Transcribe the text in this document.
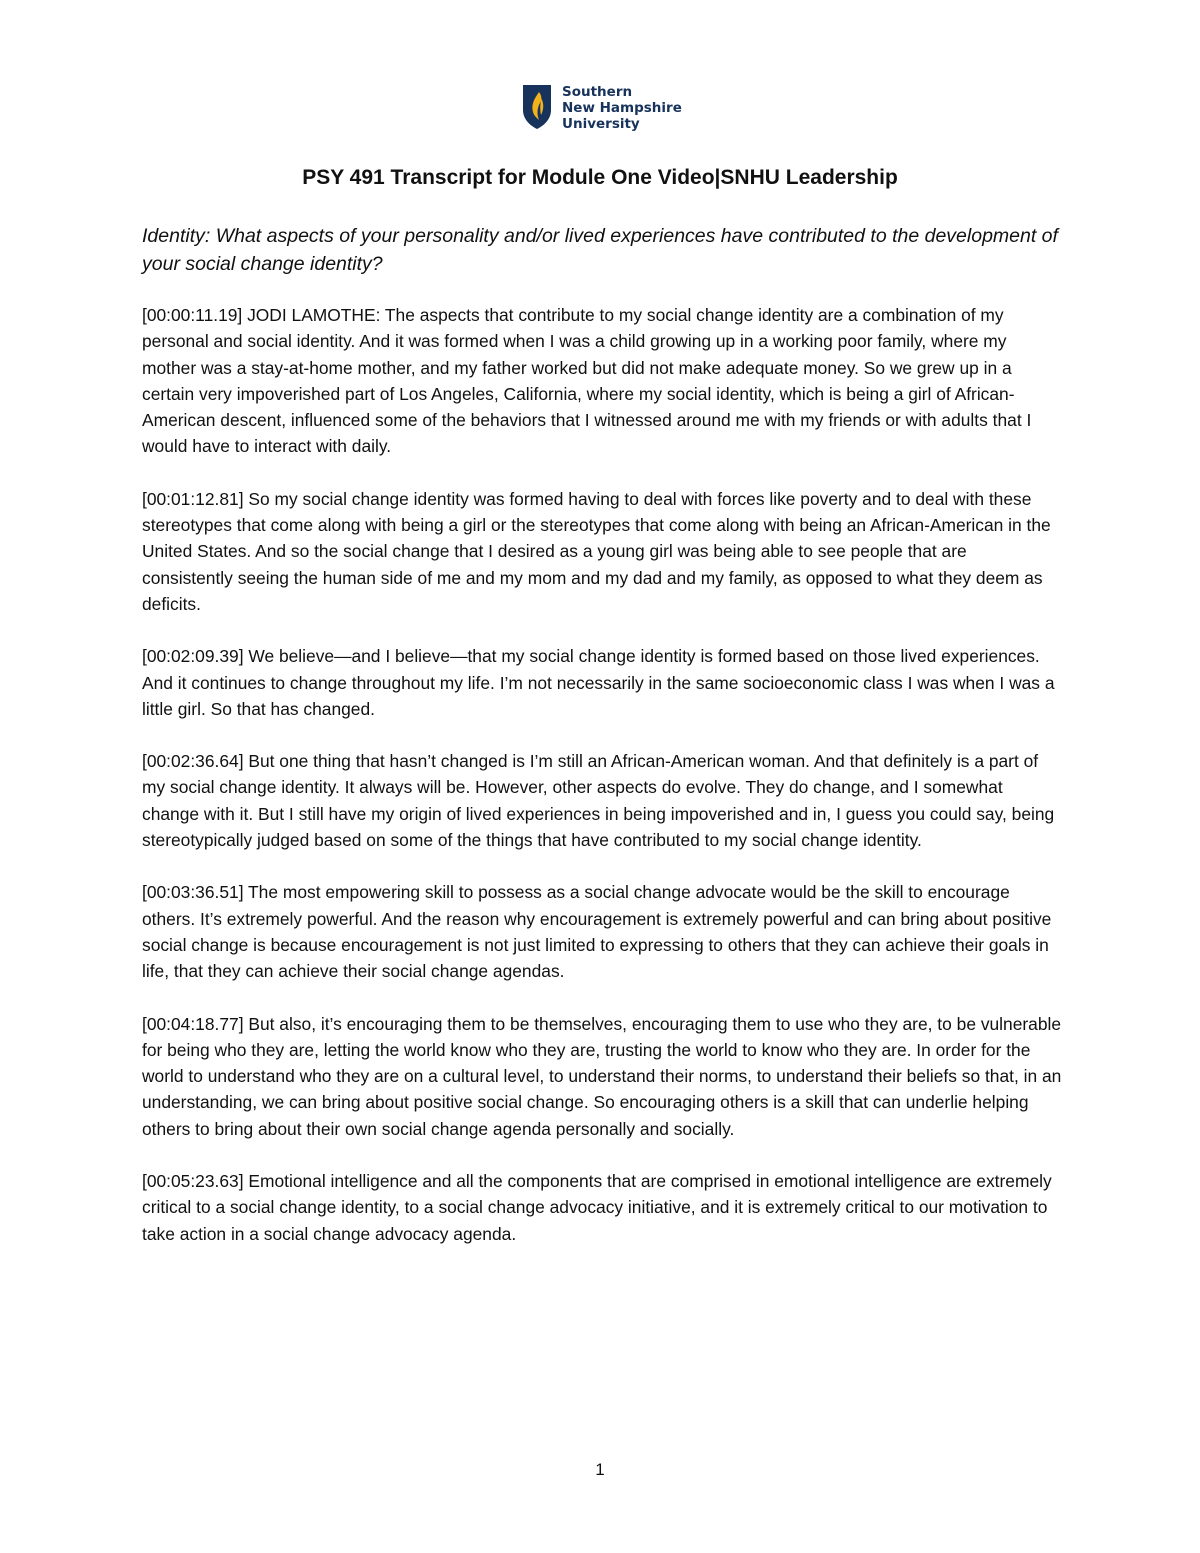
Southern
New Hampshire
University
PSY 491 Transcript for Module One Video|SNHU Leadership

Identity: What aspects of your personality and/or lived experiences have contributed to the development of your social change identity?

[00:00:11.19] JODI LAMOTHE: The aspects that contribute to my social change identity are a combination of my personal and social identity. And it was formed when I was a child growing up in a working poor family, where my mother was a stay-at-home mother, and my father worked but did not make adequate money. So we grew up in a certain very impoverished part of Los Angeles, California, where my social identity, which is being a girl of African-American descent, influenced some of the behaviors that I witnessed around me with my friends or with adults that I would have to interact with daily.

[00:01:12.81] So my social change identity was formed having to deal with forces like poverty and to deal with these stereotypes that come along with being a girl or the stereotypes that come along with being an African-American in the United States. And so the social change that I desired as a young girl was being able to see people that are consistently seeing the human side of me and my mom and my dad and my family, as opposed to what they deem as deficits.

[00:02:09.39] We believe—and I believe—that my social change identity is formed based on those lived experiences. And it continues to change throughout my life. I’m not necessarily in the same socioeconomic class I was when I was a little girl. So that has changed.

[00:02:36.64] But one thing that hasn’t changed is I’m still an African-American woman. And that definitely is a part of my social change identity. It always will be. However, other aspects do evolve. They do change, and I somewhat change with it. But I still have my origin of lived experiences in being impoverished and in, I guess you could say, being stereotypically judged based on some of the things that have contributed to my social change identity.

[00:03:36.51] The most empowering skill to possess as a social change advocate would be the skill to encourage others. It’s extremely powerful. And the reason why encouragement is extremely powerful and can bring about positive social change is because encouragement is not just limited to expressing to others that they can achieve their goals in life, that they can achieve their social change agendas.

[00:04:18.77] But also, it’s encouraging them to be themselves, encouraging them to use who they are, to be vulnerable for being who they are, letting the world know who they are, trusting the world to know who they are. In order for the world to understand who they are on a cultural level, to understand their norms, to understand their beliefs so that, in an understanding, we can bring about positive social change. So encouraging others is a skill that can underlie helping others to bring about their own social change agenda personally and socially.

[00:05:23.63] Emotional intelligence and all the components that are comprised in emotional intelligence are extremely critical to a social change identity, to a social change advocacy initiative, and it is extremely critical to our motivation to take action in a social change advocacy agenda.

1
